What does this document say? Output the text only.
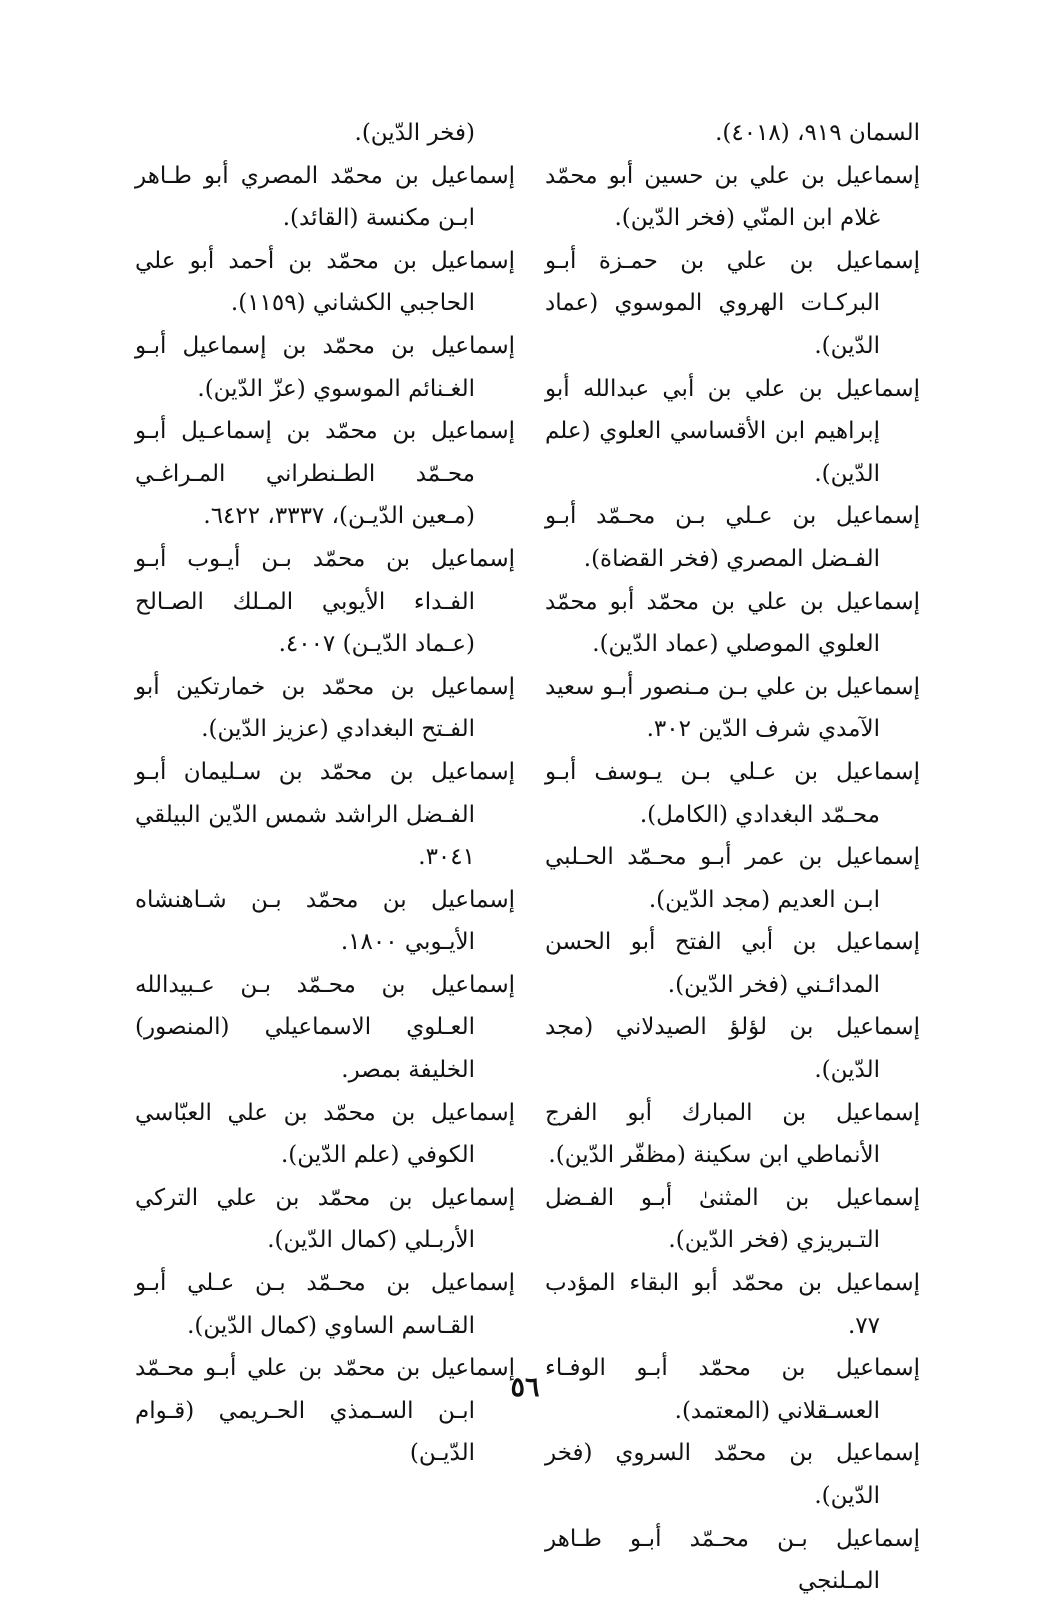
السمان ٩١٩، (٤٠١٨).

إسماعيل بن علي بن حسين أبو محمّد غلام ابن المنّي (فخر الدّين).

إسماعيل بن علي بن حمـزة أبـو البركـات الهروي الموسوي (عماد الدّين).

إسماعيل بن علي بن أبي عبدالله أبو إبراهيم ابن الأقساسي العلوي (علم الدّين).

إسماعيل بن عـلي بـن محـمّد أبـو الفـضل المصري (فخر القضاة).

إسماعيل بن علي بن محمّد أبو محمّد العلوي الموصلي (عماد الدّين).

إسماعيل بن علي بـن مـنصور أبـو سعيد الآمدي شرف الدّين ٣٠٢.

إسماعيل بن عـلي بـن يـوسف أبـو محـمّد البغدادي (الكامل).

إسماعيل بن عمر أبـو محـمّد الحـلبي ابـن العديم (مجد الدّين).

إسماعيل بن أبي الفتح أبو الحسن المدائـني (فخر الدّين).

إسماعيل بن لؤلؤ الصيدلاني (مجد الدّين).

إسماعيل بن المبارك أبو الفرج الأنماطي ابن سكينة (مظفّر الدّين).

إسماعيل بن المثنىٰ أبـو الفـضل التـبريزي (فخر الدّين).

إسماعيل بن محمّد أبو البقاء المؤدب ٧٧.

إسماعيل بن محمّد أبـو الوفـاء العسـقلاني (المعتمد).

إسماعيل بن محمّد السروي (فخر الدّين).

إسماعيل بـن محـمّد أبـو طـاهر المـلنجي

(فخر الدّين).

إسماعيل بن محمّد المصري أبو طـاهر ابـن مكنسة (القائد).

إسماعيل بن محمّد بن أحمد أبو علي الحاجبي الكشاني (١١٥٩).

إسماعيل بن محمّد بن إسماعيل أبـو الغـنائم الموسوي (عزّ الدّين).

إسماعيل بن محمّد بن إسماعـيل أبـو محـمّد الطـنطراني المـراغـي (مـعين الدّيـن)، ٣٣٣٧، ٦٤٢٢.

إسماعيل بن محمّد بـن أيـوب أبـو الفـداء الأيوبي المـلك الصـالح (عـماد الدّيـن) ٤٠٠٧.

إسماعيل بن محمّد بن خمارتكين أبو الفـتح البغدادي (عزيز الدّين).

إسماعيل بن محمّد بن سـليمان أبـو الفـضل الراشد شمس الدّين البيلقي ٣٠٤١.

إسماعيل بن محمّد بـن شـاهنشاه الأيـوبي ١٨٠٠.

إسماعيل بن محـمّد بـن عـبيدالله العـلوي الاسماعيلي (المنصور) الخليفة بمصر.

إسماعيل بن محمّد بن علي العبّاسي الكوفي (علم الدّين).

إسماعيل بن محمّد بن علي التركي الأربـلي (كمال الدّين).

إسماعيل بن محـمّد بـن عـلي أبـو القـاسم الساوي (كمال الدّين).

إسماعيل بن محمّد بن علي أبـو محـمّد ابـن السـمذي الحـريمي (قـوام الدّيـن)

٥٦
